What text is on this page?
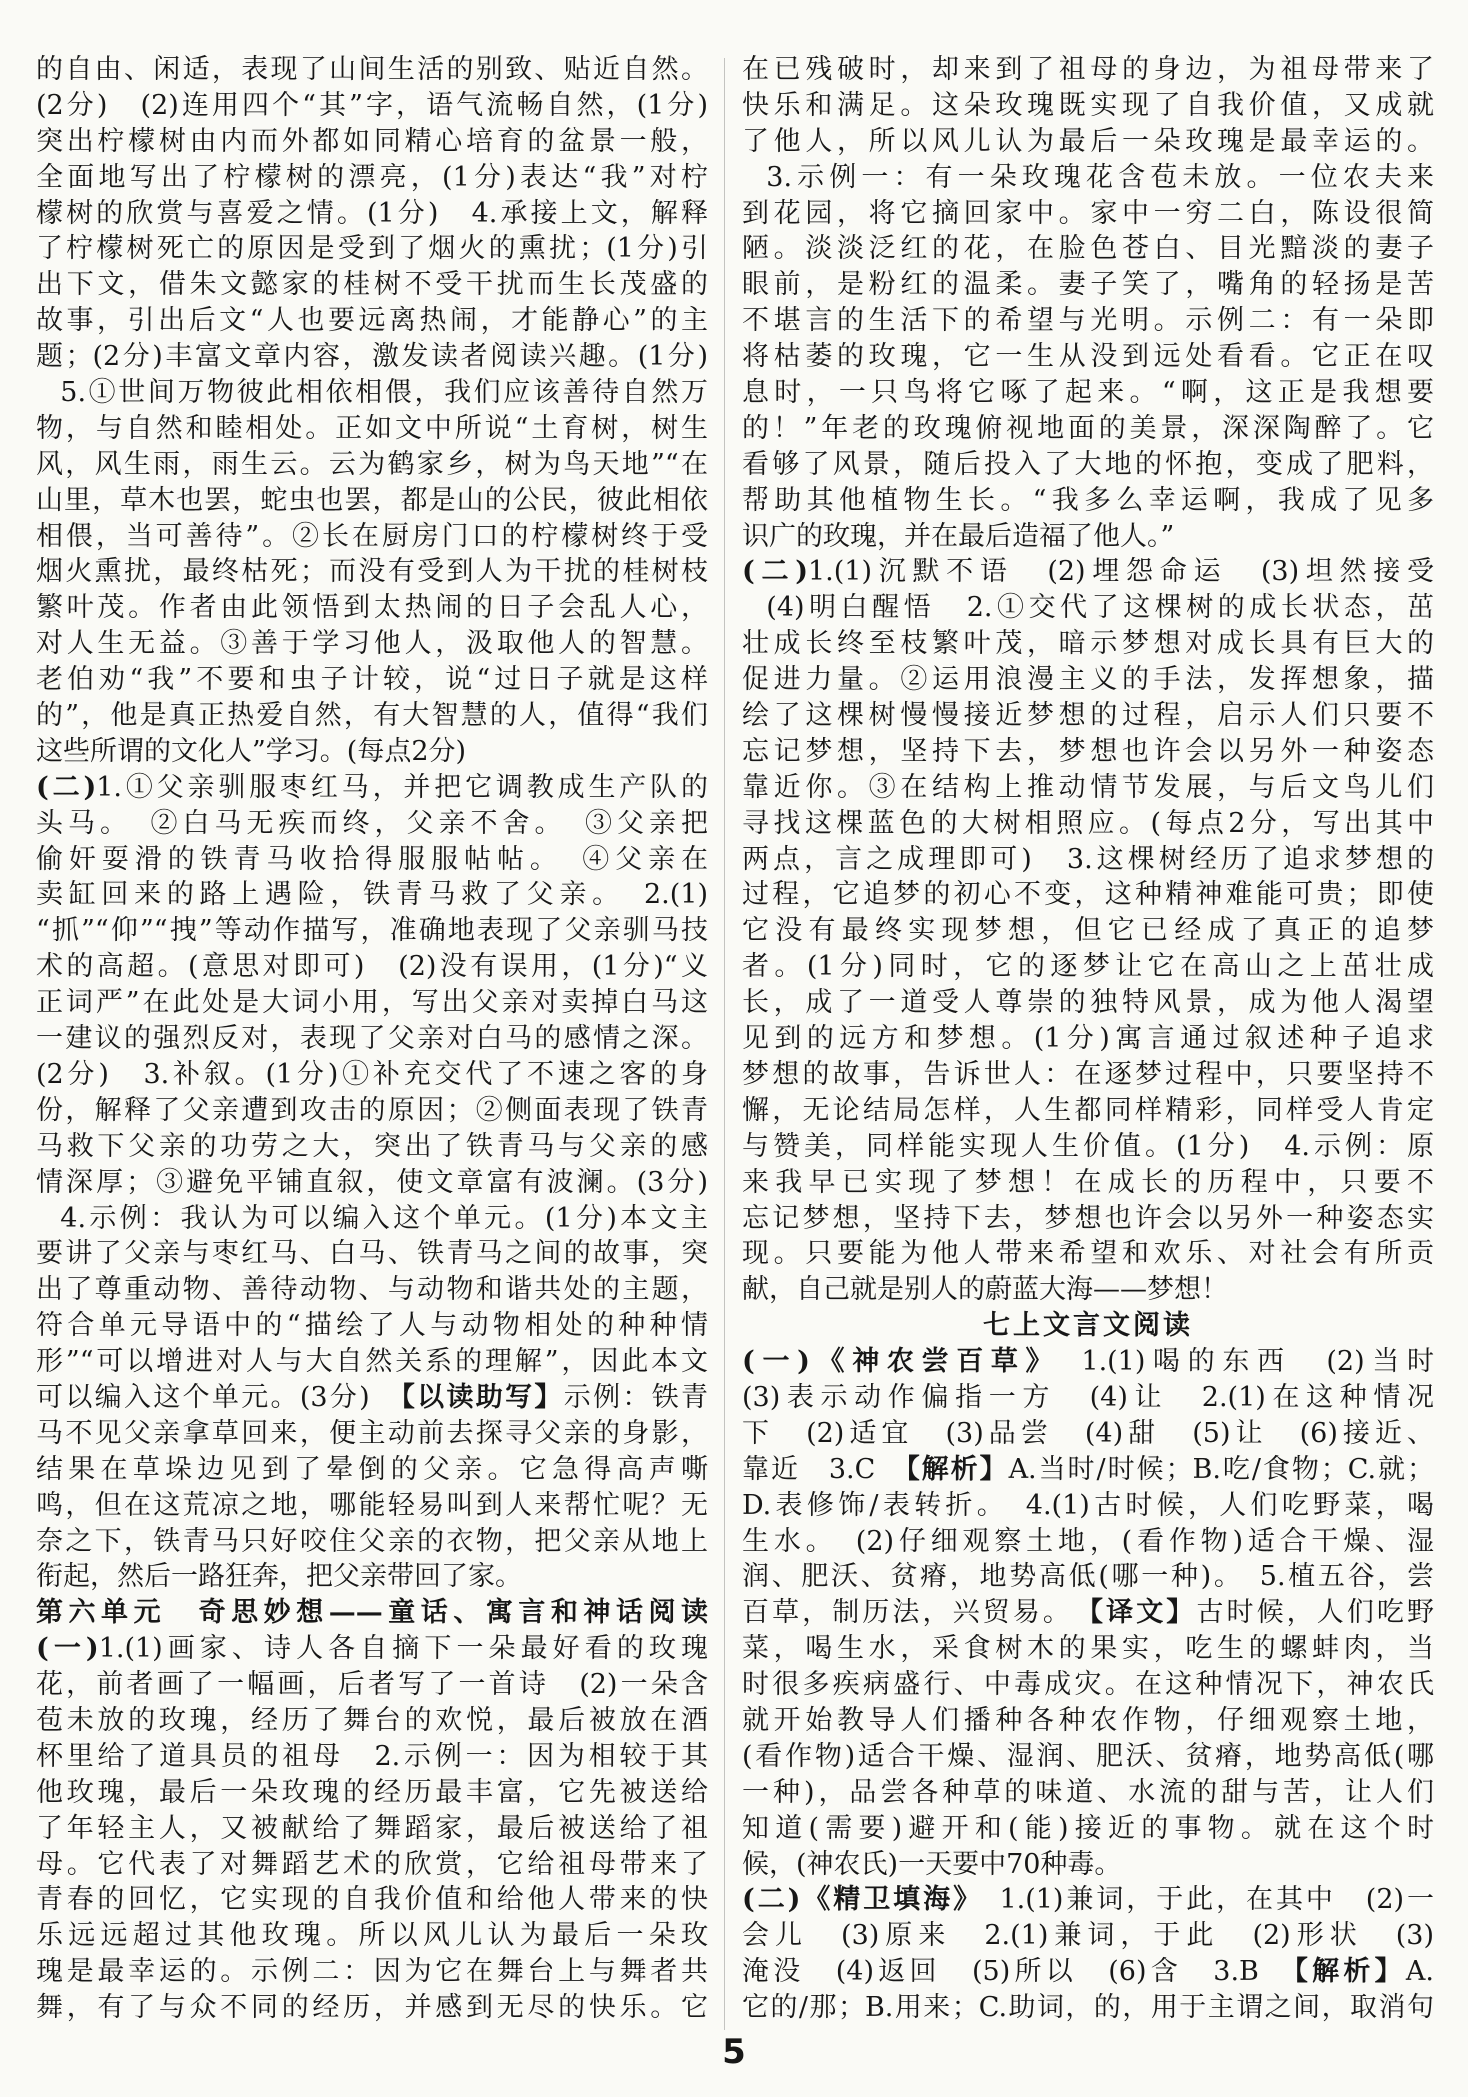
的自由、闲适，表现了山间生活的别致、贴近自然。
(2分)　(2)连用四个“其”字，语气流畅自然，(1分)
突出柠檬树由内而外都如同精心培育的盆景一般，
全面地写出了柠檬树的漂亮，(1分)表达“我”对柠
檬树的欣赏与喜爱之情。(1分)　4.承接上文，解释
了柠檬树死亡的原因是受到了烟火的熏扰；(1分)引
出下文，借朱文懿家的桂树不受干扰而生长茂盛的
故事，引出后文“人也要远离热闹，才能静心”的主
题；(2分)丰富文章内容，激发读者阅读兴趣。(1分)
5.①世间万物彼此相依相偎，我们应该善待自然万
物，与自然和睦相处。正如文中所说“土育树，树生
风，风生雨，雨生云。云为鹤家乡，树为鸟天地”“在
山里，草木也罢，蛇虫也罢，都是山的公民，彼此相依
相偎，当可善待”。②长在厨房门口的柠檬树终于受
烟火熏扰，最终枯死；而没有受到人为干扰的桂树枝
繁叶茂。作者由此领悟到太热闹的日子会乱人心，
对人生无益。③善于学习他人，汲取他人的智慧。
老伯劝“我”不要和虫子计较，说“过日子就是这样
的”，他是真正热爱自然，有大智慧的人，值得“我们
这些所谓的文化人”学习。(每点2分)
(二)1.①父亲驯服枣红马，并把它调教成生产队的
头马。　②白马无疾而终，父亲不舍。　③父亲把
偷奸耍滑的铁青马收拾得服服帖帖。　④父亲在
卖缸回来的路上遇险，铁青马救了父亲。　2.(1)
“抓”“仰”“拽”等动作描写，准确地表现了父亲驯马技
术的高超。(意思对即可)　(2)没有误用，(1分)“义
正词严”在此处是大词小用，写出父亲对卖掉白马这
一建议的强烈反对，表现了父亲对白马的感情之深。
(2分)　3.补叙。(1分)①补充交代了不速之客的身
份，解释了父亲遭到攻击的原因；②侧面表现了铁青
马救下父亲的功劳之大，突出了铁青马与父亲的感
情深厚；③避免平铺直叙，使文章富有波澜。(3分)
4.示例：我认为可以编入这个单元。(1分)本文主
要讲了父亲与枣红马、白马、铁青马之间的故事，突
出了尊重动物、善待动物、与动物和谐共处的主题，
符合单元导语中的“描绘了人与动物相处的种种情
形”“可以增进对人与大自然关系的理解”，因此本文
可以编入这个单元。(3分)　【以读助写】示例：铁青
马不见父亲拿草回来，便主动前去探寻父亲的身影，
结果在草垛边见到了晕倒的父亲。它急得高声嘶
鸣，但在这荒凉之地，哪能轻易叫到人来帮忙呢？无
奈之下，铁青马只好咬住父亲的衣物，把父亲从地上
衔起，然后一路狂奔，把父亲带回了家。
第六单元　奇思妙想——童话、寓言和神话阅读
(一)1.(1)画家、诗人各自摘下一朵最好看的玫瑰
花，前者画了一幅画，后者写了一首诗　(2)一朵含
苞未放的玫瑰，经历了舞台的欢悦，最后被放在酒
杯里给了道具员的祖母　2.示例一：因为相较于其
他玫瑰，最后一朵玫瑰的经历最丰富，它先被送给
了年轻主人，又被献给了舞蹈家，最后被送给了祖
母。它代表了对舞蹈艺术的欣赏，它给祖母带来了
青春的回忆，它实现的自我价值和给他人带来的快
乐远远超过其他玫瑰。所以风儿认为最后一朵玫
瑰是最幸运的。示例二：因为它在舞台上与舞者共
舞，有了与众不同的经历，并感到无尽的快乐。它
在已残破时，却来到了祖母的身边，为祖母带来了
快乐和满足。这朵玫瑰既实现了自我价值，又成就
了他人，所以风儿认为最后一朵玫瑰是最幸运的。
3.示例一：有一朵玫瑰花含苞未放。一位农夫来
到花园，将它摘回家中。家中一穷二白，陈设很简
陋。淡淡泛红的花，在脸色苍白、目光黯淡的妻子
眼前，是粉红的温柔。妻子笑了，嘴角的轻扬是苦
不堪言的生活下的希望与光明。示例二：有一朵即
将枯萎的玫瑰，它一生从没到远处看看。它正在叹
息时，一只鸟将它啄了起来。“啊，这正是我想要
的！”年老的玫瑰俯视地面的美景，深深陶醉了。它
看够了风景，随后投入了大地的怀抱，变成了肥料，
帮助其他植物生长。“我多么幸运啊，我成了见多
识广的玫瑰，并在最后造福了他人。”
(二)1.(1)沉默不语　(2)埋怨命运　(3)坦然接受
(4)明白醒悟　2.①交代了这棵树的成长状态，茁
壮成长终至枝繁叶茂，暗示梦想对成长具有巨大的
促进力量。②运用浪漫主义的手法，发挥想象，描
绘了这棵树慢慢接近梦想的过程，启示人们只要不
忘记梦想，坚持下去，梦想也许会以另外一种姿态
靠近你。③在结构上推动情节发展，与后文鸟儿们
寻找这棵蓝色的大树相照应。(每点2分，写出其中
两点，言之成理即可)　3.这棵树经历了追求梦想的
过程，它追梦的初心不变，这种精神难能可贵；即使
它没有最终实现梦想，但它已经成了真正的追梦
者。(1分)同时，它的逐梦让它在高山之上茁壮成
长，成了一道受人尊崇的独特风景，成为他人渴望
见到的远方和梦想。(1分)寓言通过叙述种子追求
梦想的故事，告诉世人：在逐梦过程中，只要坚持不
懈，无论结局怎样，人生都同样精彩，同样受人肯定
与赞美，同样能实现人生价值。(1分)　4.示例：原
来我早已实现了梦想！在成长的历程中，只要不
忘记梦想，坚持下去，梦想也许会以另外一种姿态实
现。只要能为他人带来希望和欢乐、对社会有所贡
献，自己就是别人的蔚蓝大海——梦想！
七上文言文阅读
(一)《神农尝百草》　1.(1)喝的东西　(2)当时
(3)表示动作偏指一方　(4)让　2.(1)在这种情况
下　(2)适宜　(3)品尝　(4)甜　(5)让　(6)接近、
靠近　3.C　【解析】A.当时/时候；B.吃/食物；C.就；
D.表修饰/表转折。　4.(1)古时候，人们吃野菜，喝
生水。　(2)仔细观察土地，(看作物)适合干燥、湿
润、肥沃、贫瘠，地势高低(哪一种)。　5.植五谷，尝
百草，制历法，兴贸易。　【译文】古时候，人们吃野
菜，喝生水，采食树木的果实，吃生的螺蚌肉，当
时很多疾病盛行、中毒成灾。在这种情况下，神农氏
就开始教导人们播种各种农作物，仔细观察土地，
(看作物)适合干燥、湿润、肥沃、贫瘠，地势高低(哪
一种)，品尝各种草的味道、水流的甜与苦，让人们
知道(需要)避开和(能)接近的事物。就在这个时
候，(神农氏)一天要中70种毒。
(二)《精卫填海》　1.(1)兼词，于此，在其中　(2)一
会儿　(3)原来　2.(1)兼词，于此　(2)形状　(3)
淹没　(4)返回　(5)所以　(6)含　3.B　【解析】A.
它的/那；B.用来；C.助词，的，用于主谓之间，取消句
5
